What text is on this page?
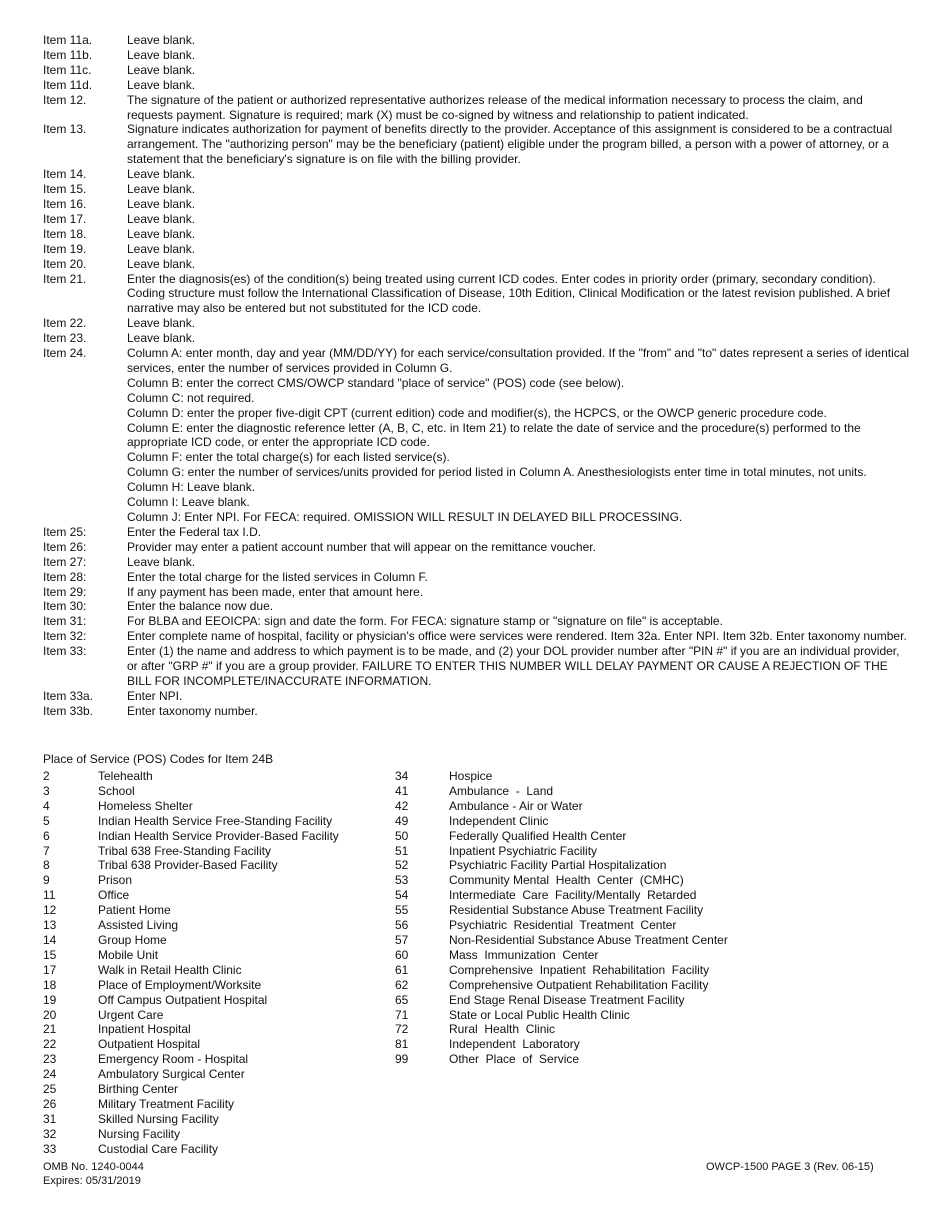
Item 11a.	Leave blank.
Item 11b.	Leave blank.
Item 11c.	Leave blank.
Item 11d.	Leave blank.
Item 12.	The signature of the patient or authorized representative authorizes release of the medical information necessary to process the claim, and requests payment. Signature is required; mark (X) must be co-signed by witness and relationship to patient indicated.
Item 13.	Signature indicates authorization for payment of benefits directly to the provider. Acceptance of this assignment is considered to be a contractual arrangement. The "authorizing person" may be the beneficiary (patient) eligible under the program billed, a person with a power of attorney, or a statement that the beneficiary's signature is on file with the billing provider.
Item 14.	Leave blank.
Item 15.	Leave blank.
Item 16.	Leave blank.
Item 17.	Leave blank.
Item 18.	Leave blank.
Item 19.	Leave blank.
Item 20.	Leave blank.
Item 21.	Enter the diagnosis(es) of the condition(s) being treated using current ICD codes. Enter codes in priority order (primary, secondary condition). Coding structure must follow the International Classification of Disease, 10th Edition, Clinical Modification or the latest revision published. A brief narrative may also be entered but not substituted for the ICD code.
Item 22.	Leave blank.
Item 23.	Leave blank.
Item 24.	Column A: enter month, day and year (MM/DD/YY) for each service/consultation provided. If the "from" and "to" dates represent a series of identical services, enter the number of services provided in Column G.
Column B: enter the correct CMS/OWCP standard "place of service" (POS) code (see below).
Column C: not required.
Column D: enter the proper five-digit CPT (current edition) code and modifier(s), the HCPCS, or the OWCP generic procedure code.
Column E: enter the diagnostic reference letter (A, B, C, etc. in Item 21) to relate the date of service and the procedure(s) performed to the appropriate ICD code, or enter the appropriate ICD code.
Column F: enter the total charge(s) for each listed service(s).
Column G: enter the number of services/units provided for period listed in Column A. Anesthesiologists enter time in total minutes, not units.
Column H: Leave blank.
Column I: Leave blank.
Column J: Enter NPI. For FECA: required. OMISSION WILL RESULT IN DELAYED BILL PROCESSING.
Item 25:	Enter the Federal tax I.D.
Item 26:	Provider may enter a patient account number that will appear on the remittance voucher.
Item 27:	Leave blank.
Item 28:	Enter the total charge for the listed services in Column F.
Item 29:	If any payment has been made, enter that amount here.
Item 30:	Enter the balance now due.
Item 31:	For BLBA and EEOICPA: sign and date the form. For FECA: signature stamp or "signature on file" is acceptable.
Item 32:	Enter complete name of hospital, facility or physician's office were services were rendered. Item 32a. Enter NPI. Item 32b. Enter taxonomy number.
Item 33:	Enter (1) the name and address to which payment is to be made, and (2) your DOL provider number after "PIN #" if you are an individual provider, or after "GRP #" if you are a group provider. FAILURE TO ENTER THIS NUMBER WILL DELAY PAYMENT OR CAUSE A REJECTION OF THE BILL FOR INCOMPLETE/INACCURATE INFORMATION.
Item 33a.	Enter NPI.
Item 33b.	Enter taxonomy number.
Place of Service (POS) Codes for Item 24B
2	Telehealth
3	School
4	Homeless Shelter
5	Indian Health Service Free-Standing Facility
6	Indian Health Service Provider-Based Facility
7	Tribal 638 Free-Standing Facility
8	Tribal 638 Provider-Based Facility
9	Prison
11	Office
12	Patient Home
13	Assisted Living
14	Group Home
15	Mobile Unit
17	Walk in Retail Health Clinic
18	Place of Employment/Worksite
19	Off Campus Outpatient Hospital
20	Urgent Care
21	Inpatient Hospital
22	Outpatient Hospital
23	Emergency Room - Hospital
24	Ambulatory Surgical Center
25	Birthing Center
26	Military Treatment Facility
31	Skilled Nursing Facility
32	Nursing Facility
33	Custodial Care Facility
34	Hospice
41	Ambulance  -  Land
42	Ambulance - Air or Water
49	Independent Clinic
50	Federally Qualified Health Center
51	Inpatient Psychiatric Facility
52	Psychiatric Facility Partial Hospitalization
53	Community Mental  Health  Center  (CMHC)
54	Intermediate  Care  Facility/Mentally  Retarded
55	Residential Substance Abuse Treatment Facility
56	Psychiatric  Residential  Treatment  Center
57	Non-Residential Substance Abuse Treatment Center
60	Mass  Immunization  Center
61	Comprehensive  Inpatient  Rehabilitation  Facility
62	Comprehensive Outpatient Rehabilitation Facility
65	End Stage Renal Disease Treatment Facility
71	State or Local Public Health Clinic
72	Rural  Health  Clinic
81	Independent  Laboratory
99	Other  Place  of  Service
OMB No. 1240-0044
Expires: 05/31/2019
OWCP-1500 PAGE 3 (Rev. 06-15)
